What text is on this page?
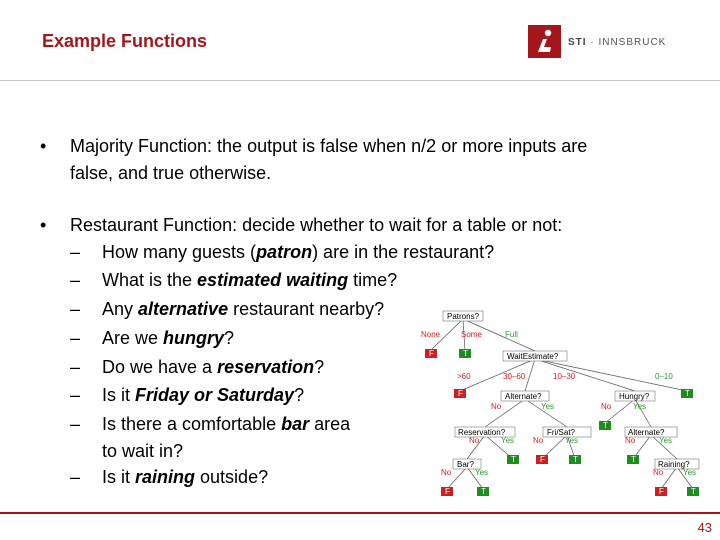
Example Functions	STI · INNSBRUCK
• Majority Function: the output is false when n/2 or more inputs are
false, and true otherwise.
• Restaurant Function: decide whether to wait for a table or not:
– How many guests (patron) are in the restaurant?
– What is the estimated waiting time?
– Any alternative restaurant nearby?
– Are we hungry?
– Do we have a reservation?
– Is it Friday or Saturday?
– Is there a comfortable bar area
to wait in?
– Is it raining outside?
Patrons?
WaitEstimate?
Alternate?	Hungry?
Reservation?	Fri/Sat?	Alternate?
Bar?	Raining?
None	Some	Full
>60	30–60	10–30	0–10
No	Yes	No	Yes
No	Yes No	Yes	No	Yes
No	Yes	No Yes
F	T
F	T
T
T	F	T	T
F	T	F	T
43
